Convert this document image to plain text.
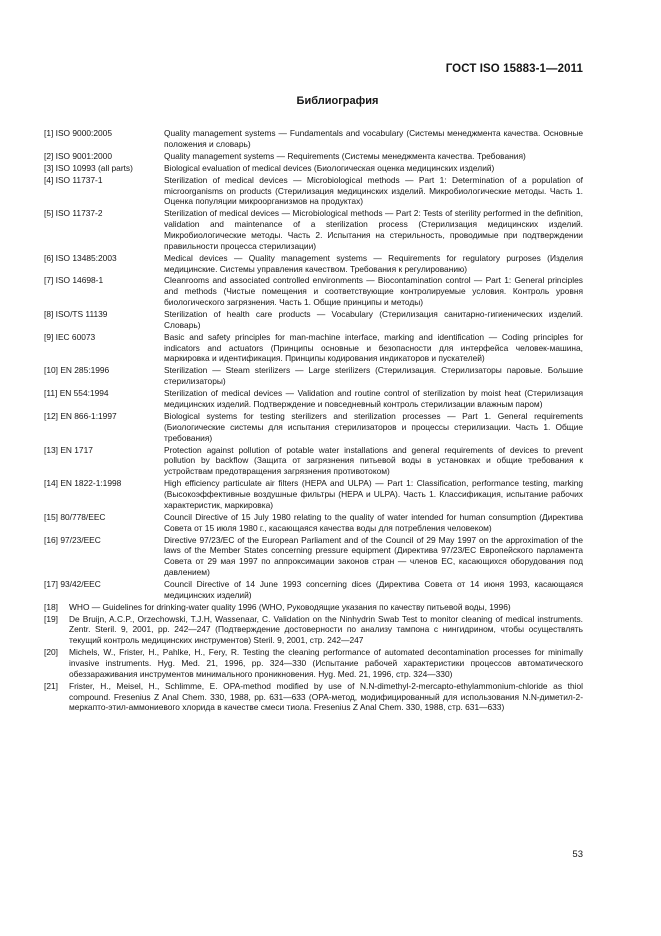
ГОСТ ISO 15883-1—2011
Библиография
[1] ISO 9000:2005	Quality management systems — Fundamentals and vocabulary (Системы менеджмента качества. Основные положения и словарь)
[2] ISO 9001:2000	Quality management systems — Requirements (Системы менеджмента качества. Требования)
[3] ISO 10993 (all parts)	Biological evaluation of medical devices (Биологическая оценка медицинских изделий)
[4] ISO 11737-1	Sterilization of medical devices — Microbiological methods — Part 1: Determination of a population of microorganisms on products (Стерилизация медицинских изделий. Микробиологические методы. Часть 1. Оценка популяции микроорганизмов на продуктах)
[5] ISO 11737-2	Sterilization of medical devices — Microbiological methods — Part 2: Tests of sterility performed in the definition, validation and maintenance of a sterilization process (Стерилизация медицинских изделий. Микробиологические методы. Часть 2. Испытания на стерильность, проводимые при подтверждении правильности процесса стерилизации)
[6] ISO 13485:2003	Medical devices — Quality management systems — Requirements for regulatory purposes (Изделия медицинские. Системы управления качеством. Требования к регулированию)
[7] ISO 14698-1	Cleanrooms and associated controlled environments — Biocontamination control — Part 1: General principles and methods (Чистые помещения и соответствующие контролируемые условия. Контроль уровня биологического загрязнения. Часть 1. Общие принципы и методы)
[8] ISO/TS 11139	Sterilization of health care products — Vocabulary (Стерилизация санитарно-гигиенических изделий. Словарь)
[9] IEC 60073	Basic and safety principles for man-machine interface, marking and identification — Coding principles for indicators and actuators (Принципы основные и безопасности для интерфейса человек-машина, маркировка и идентификация. Принципы кодирования индикаторов и пускателей)
[10] EN 285:1996	Sterilization — Steam sterilizers — Large sterilizers (Стерилизация. Стерилизаторы паровые. Большие стерилизаторы)
[11] EN 554:1994	Sterilization of medical devices — Validation and routine control of sterilization by moist heat (Стерилизация медицинских изделий. Подтверждение и повседневный контроль стерилизации влажным паром)
[12] EN 866-1:1997	Biological systems for testing sterilizers and sterilization processes — Part 1. General requirements (Биологические системы для испытания стерилизаторов и процессы стерилизации. Часть 1. Общие требования)
[13] EN 1717	Protection against pollution of potable water installations and general requirements of devices to prevent pollution by backflow (Защита от загрязнения питьевой воды в установках и общие требования к устройствам предотвращения загрязнения противотоком)
[14] EN 1822-1:1998	High efficiency particulate air filters (HEPA and ULPA) — Part 1: Classification, performance testing, marking (Высокоэффективные воздушные фильтры (HEPA и ULPA). Часть 1. Классификация, испытание рабочих характеристик, маркировка)
[15] 80/778/EEC	Council Directive of 15 July 1980 relating to the quality of water intended for human consumption (Директива Совета от 15 июля 1980 г., касающаяся качества воды для потребления человеком)
[16] 97/23/EEC	Directive 97/23/EC of the European Parliament and of the Council of 29 May 1997 on the approximation of the laws of the Member States concerning pressure equipment (Директива 97/23/ЕС Европейского парламента Совета от 29 мая 1997 по аппроксимации законов стран — членов ЕС, касающихся оборудования под давлением)
[17] 93/42/EEC	Council Directive of 14 June 1993 concerning dices (Директива Совета от 14 июня 1993, касающаяся медицинских изделий)
[18] WHO — Guidelines for drinking-water quality 1996 (WHO, Руководящие указания по качеству питьевой воды, 1996)
[19] De Bruijn, A.C.P., Orzechowski, T.J.H, Wassenaar, C. Validation on the Ninhydrin Swab Test to monitor cleaning of medical instruments. Zentr. Steril. 9, 2001, pp. 242—247 (Подтверждение достоверности по анализу тампона с нингидрином, чтобы осуществлять текущий контроль медицинских инструментов) Steril. 9, 2001, стр. 242—247
[20] Michels, W., Frister, H., Pahlke, H., Fery, R. Testing the cleaning performance of automated decontamination processes for minimally invasive instruments. Hyg. Med. 21, 1996, pp. 324—330 (Испытание рабочей характеристики процессов автоматического обеззараживания инструментов минимального проникновения. Hyg. Med. 21, 1996, стр. 324—330)
[21] Frister, H., Meisel, H., Schlimme, E. OPA-method modified by use of N.N-dimethyl-2-mercapto-ethylammonium-chloride as thiol compound. Fresenius Z Anal Chem. 330, 1988, pp. 631—633 (OPA-метод, модифицированный для использования N.N-диметил-2-меркапто-этил-аммониевого хлорида в качестве смеси тиола. Fresenius Z Anal Chem. 330, 1988, стр. 631—633)
53
